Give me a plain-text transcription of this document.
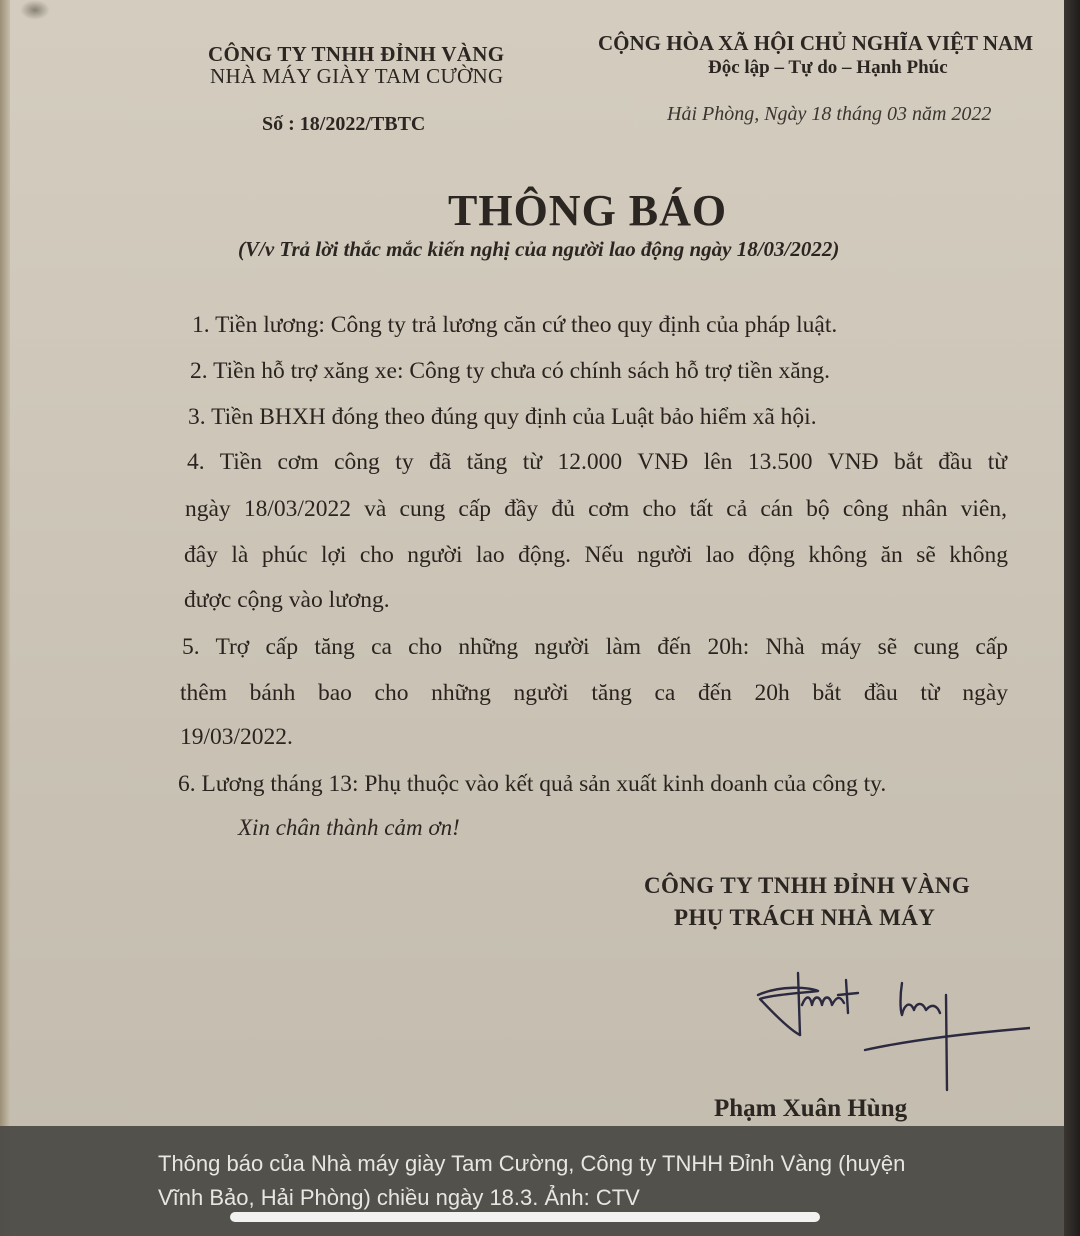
CÔNG TY TNHH ĐỈNH VÀNG
NHÀ MÁY GIÀY TAM CƯỜNG
Số : 18/2022/TBTC
CỘNG HÒA XÃ HỘI CHỦ NGHĨA VIỆT NAM
Độc lập – Tự do – Hạnh Phúc
Hải Phòng, Ngày 18 tháng 03 năm 2022
THÔNG BÁO
(V/v Trả lời thắc mắc kiến nghị của người lao động ngày 18/03/2022)
1. Tiền lương: Công ty trả lương căn cứ theo quy định của pháp luật.
2. Tiền hỗ trợ xăng xe: Công ty chưa có chính sách hỗ trợ tiền xăng.
3. Tiền BHXH đóng theo đúng quy định của Luật bảo hiểm xã hội.
4. Tiền cơm công ty đã tăng từ 12.000 VNĐ lên 13.500 VNĐ bắt đầu từ
ngày 18/03/2022 và cung cấp đầy đủ cơm cho tất cả cán bộ công nhân viên,
đây là phúc lợi cho người lao động. Nếu người lao động không ăn sẽ không
được cộng vào lương.
5. Trợ cấp tăng ca cho những người làm đến 20h: Nhà máy sẽ cung cấp
thêm bánh bao cho những người tăng ca đến 20h bắt đầu từ ngày
19/03/2022.
6. Lương tháng 13: Phụ thuộc vào kết quả sản xuất kinh doanh của công ty.
Xin chân thành cảm ơn!
CÔNG TY TNHH ĐỈNH VÀNG
PHỤ TRÁCH NHÀ MÁY
Phạm Xuân Hùng
Thông báo của Nhà máy giày Tam Cường, Công ty TNHH Đỉnh Vàng (huyện Vĩnh Bảo, Hải Phòng) chiều ngày 18.3. Ảnh: CTV
